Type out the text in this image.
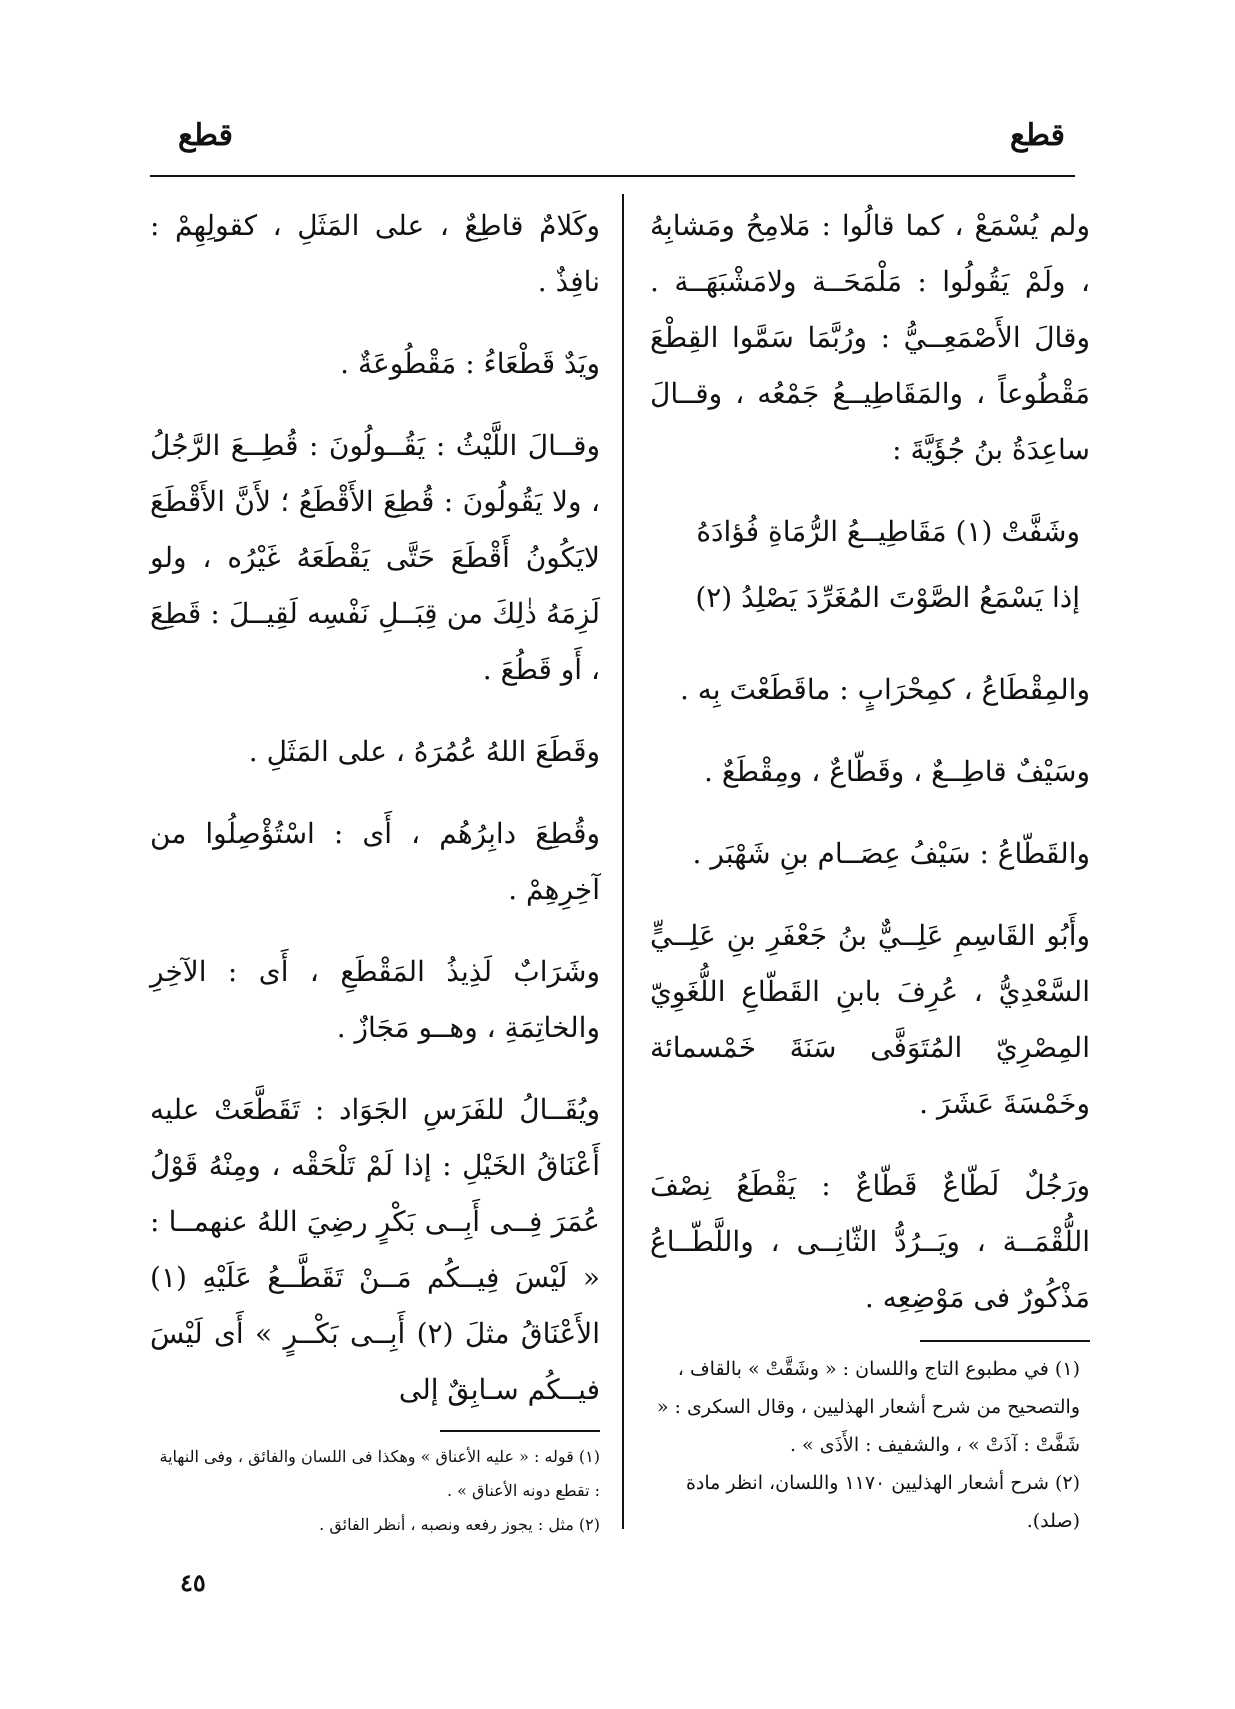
قطع
قطع

ولم يُسْمَعْ ، كما قالُوا : مَلامِحُ ومَشابِهُ ، ولَمْ يَقُولُوا : مَلْمَحَــة ولامَشْبَهَــة . وقالَ الأَصْمَعِــيُّ : ورُبَّمَا سَمَّوا القِطْعَ مَقْطُوعاً ، والمَقَاطِيــعُ جَمْعُه ، وقــالَ ساعِدَةُ بنُ جُؤَيَّةَ :

وشَفَّتْ (١) مَقَاطِيــعُ الرُّمَاةِ فُؤادَهُ

إذا يَسْمَعُ الصَّوْتَ المُغَرِّدَ يَصْلِدُ (٢)

والمِقْطَاعُ ، كمِحْرَابٍ : ماقَطَعْتَ بِه .

وسَيْفٌ قاطِــعٌ ، وقَطّاعٌ ، ومِقْطَعٌ .

والقَطّاعُ : سَيْفُ عِصَــام بنِ شَهْبَر .

وأَبُو القَاسِمِ عَلِــيٌّ بنُ جَعْفَرِ بنِ عَلِــيٍّ السَّعْدِيُّ ، عُرِفَ بابنِ القَطّاعِ اللُّغَوِيّ المِصْرِيّ المُتَوَفَّى سَنَةَ خَمْسمائة وخَمْسَةَ عَشَرَ .

ورَجُلٌ لَطّاعٌ قَطّاعٌ : يَقْطَعُ نِصْفَ اللُّقْمَــة ، ويَــرُدُّ الثّانِــى ، واللَّطّــاعُ مَذْكُورٌ فى مَوْضِعِه .

(١) في مطبوع التاج واللسان : « وشَقَّتْ » بالقاف ، والتصحيح من شرح أشعار الهذليين ، وقال السكرى : « شَفَّتْ : آذَتْ » ، والشفيف : الأَذَى » .

(٢) شرح أشعار الهذليين ١١٧٠ واللسان، انظر مادة (صلد).

وكَلامٌ قاطِعٌ ، على المَثَلِ ، كقولِهِمْ : نافِذٌ .

ويَدٌ قَطْعَاءُ : مَقْطُوعَةٌ .

وقــالَ اللَّيْثُ : يَقُــولُونَ : قُطِــعَ الرَّجُلُ ، ولا يَقُولُونَ : قُطِعَ الأَقْطَعُ ؛ لأَنَّ الأَقْطَعَ لايَكُونُ أَقْطَعَ حَتَّى يَقْطَعَهُ غَيْرُه ، ولو لَزِمَهُ ذٰلِكَ من قِبَــلِ نَفْسِه لَقِيــلَ : قَطِعَ ، أَو قَطُعَ .

وقَطَعَ اللهُ عُمُرَهُ ، على المَثَلِ .

وقُطِعَ دابِرُهُم ، أَى : اسْتُؤْصِلُوا من آخِرِهِمْ .

وشَرَابٌ لَذِيذُ المَقْطَعِ ، أَى : الآخِرِ والخاتِمَةِ ، وهــو مَجَازٌ .

ويُقَــالُ للفَرَسِ الجَوَاد : تَقَطَّعَتْ عليه أَعْنَاقُ الخَيْلِ : إذا لَمْ تَلْحَقْه ، ومِنْهُ قَوْلُ عُمَرَ فِــى أَبِــى بَكْرٍ رضِيَ اللهُ عنهمــا : « لَيْسَ فِيــكُم مَــنْ تَقَطَّــعُ عَلَيْهِ (١) الأَعْنَاقُ مثلَ (٢) أَبِــى بَكْــرٍ » أَى لَيْسَ فيــكُم سـابِقٌ إلى

(١) قوله : « عليه الأعناق » وهكذا فى اللسان والفائق ، وفى النهاية : تقطع دونه الأعناق » .

(٢) مثل : يجوز رفعه ونصبه ، أنظر الفائق .

٤٥
